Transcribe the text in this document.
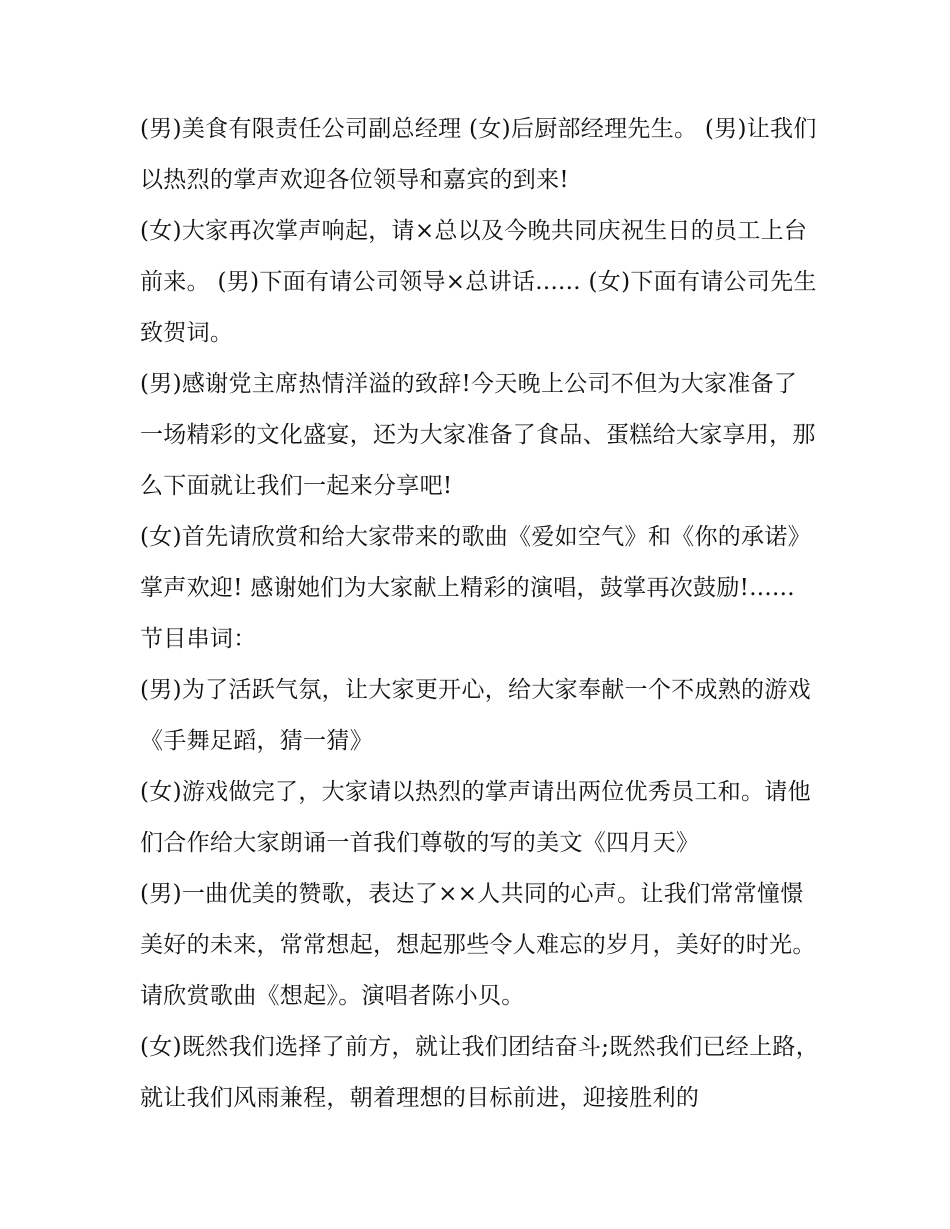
(男)美食有限责任公司副总经理 (女)后厨部经理先生。 (男)让我们以热烈的掌声欢迎各位领导和嘉宾的到来!

(女)大家再次掌声响起，请×总以及今晚共同庆祝生日的员工上台前来。 (男)下面有请公司领导×总讲话...... (女)下面有请公司先生致贺词。

(男)感谢党主席热情洋溢的致辞!今天晚上公司不但为大家准备了一场精彩的文化盛宴，还为大家准备了食品、蛋糕给大家享用，那么下面就让我们一起来分享吧!

(女)首先请欣赏和给大家带来的歌曲《爱如空气》和《你的承诺》掌声欢迎! 感谢她们为大家献上精彩的演唱，鼓掌再次鼓励!...... 节目串词：

(男)为了活跃气氛，让大家更开心，给大家奉献一个不成熟的游戏《手舞足蹈，猜一猜》

(女)游戏做完了，大家请以热烈的掌声请出两位优秀员工和。请他们合作给大家朗诵一首我们尊敬的写的美文《四月天》

(男)一曲优美的赞歌，表达了××人共同的心声。让我们常常憧憬美好的未来，常常想起，想起那些令人难忘的岁月，美好的时光。请欣赏歌曲《想起》。演唱者陈小贝。

(女)既然我们选择了前方，就让我们团结奋斗;既然我们已经上路，就让我们风雨兼程，朝着理想的目标前进，迎接胜利的
